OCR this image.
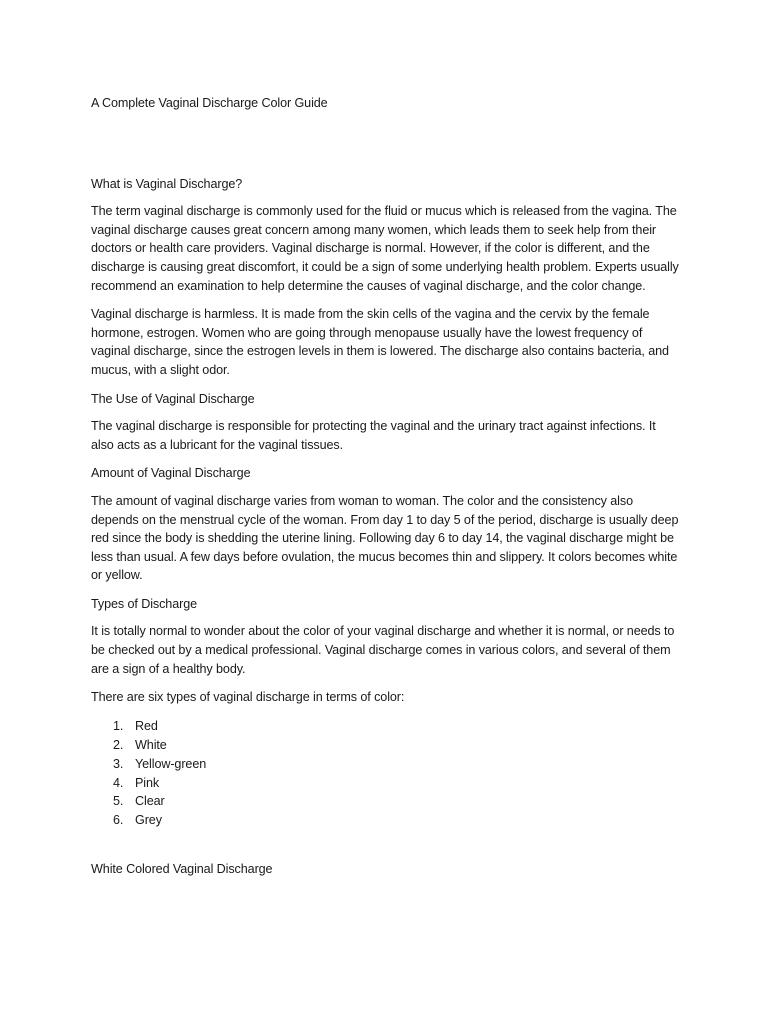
A Complete Vaginal Discharge Color Guide

What is Vaginal Discharge?

The term vaginal discharge is commonly used for the fluid or mucus which is released from the vagina. The vaginal discharge causes great concern among many women, which leads them to seek help from their doctors or health care providers. Vaginal discharge is normal. However, if the color is different, and the discharge is causing great discomfort, it could be a sign of some underlying health problem. Experts usually recommend an examination to help determine the causes of vaginal discharge, and the color change.

Vaginal discharge is harmless. It is made from the skin cells of the vagina and the cervix by the female hormone, estrogen. Women who are going through menopause usually have the lowest frequency of vaginal discharge, since the estrogen levels in them is lowered. The discharge also contains bacteria, and mucus, with a slight odor.

The Use of Vaginal Discharge

The vaginal discharge is responsible for protecting the vaginal and the urinary tract against infections. It also acts as a lubricant for the vaginal tissues.

Amount of Vaginal Discharge

The amount of vaginal discharge varies from woman to woman. The color and the consistency also depends on the menstrual cycle of the woman. From day 1 to day 5 of the period, discharge is usually deep red since the body is shedding the uterine lining. Following day 6 to day 14, the vaginal discharge might be less than usual. A few days before ovulation, the mucus becomes thin and slippery. It colors becomes white or yellow.

Types of Discharge

It is totally normal to wonder about the color of your vaginal discharge and whether it is normal, or needs to be checked out by a medical professional. Vaginal discharge comes in various colors, and several of them are a sign of a healthy body.

There are six types of vaginal discharge in terms of color:

1. Red
2. White
3. Yellow-green
4. Pink
5. Clear
6. Grey

White Colored Vaginal Discharge
